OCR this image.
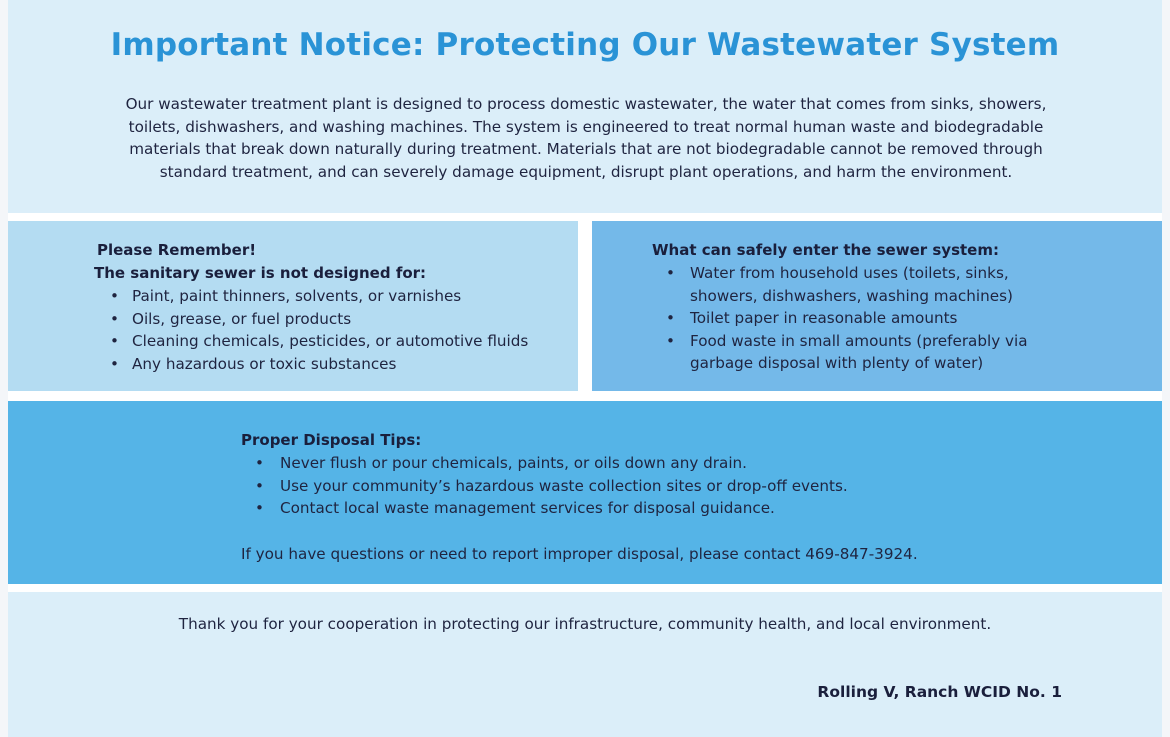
Important Notice: Protecting Our Wastewater System
Our wastewater treatment plant is designed to process domestic wastewater, the water that comes from sinks, showers,
toilets, dishwashers, and washing machines. The system is engineered to treat normal human waste and biodegradable
materials that break down naturally during treatment. Materials that are not biodegradable cannot be removed through
standard treatment, and can severely damage equipment, disrupt plant operations, and harm the environment.
Please Remember!
The sanitary sewer is not designed for:
• Paint, paint thinners, solvents, or varnishes
• Oils, grease, or fuel products
• Cleaning chemicals, pesticides, or automotive fluids
• Any hazardous or toxic substances
What can safely enter the sewer system:
• Water from household uses (toilets, sinks,
showers, dishwashers, washing machines)
• Toilet paper in reasonable amounts
• Food waste in small amounts (preferably via
garbage disposal with plenty of water)
Proper Disposal Tips:
•	Never flush or pour chemicals, paints, or oils down any drain.
•	Use your community’s hazardous waste collection sites or drop-off events.
•	Contact local waste management services for disposal guidance.
If you have questions or need to report improper disposal, please contact 469-847-3924.
Thank you for your cooperation in protecting our infrastructure, community health, and local environment.
Rolling V, Ranch WCID No. 1
